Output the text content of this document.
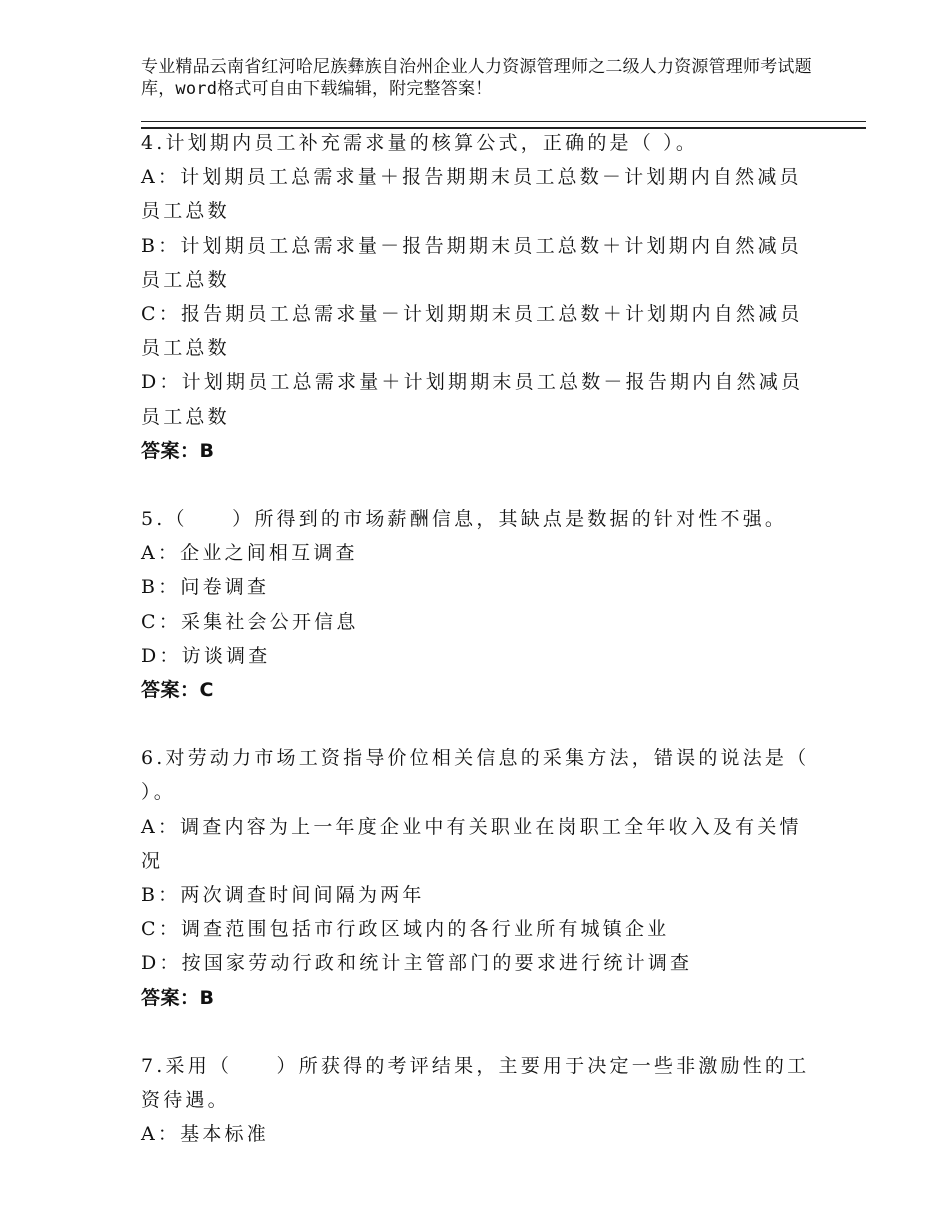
专业精品云南省红河哈尼族彝族自治州企业人力资源管理师之二级人力资源管理师考试题库，word格式可自由下载编辑，附完整答案！
4.计划期内员工补充需求量的核算公式，正确的是（ ）。
A：计划期员工总需求量＋报告期期末员工总数－计划期内自然减员员工总数
B：计划期员工总需求量－报告期期末员工总数＋计划期内自然减员员工总数
C：报告期员工总需求量－计划期期末员工总数＋计划期内自然减员员工总数
D：计划期员工总需求量＋计划期期末员工总数－报告期内自然减员员工总数
答案：B
5.（　　）所得到的市场薪酬信息，其缺点是数据的针对性不强。
A：企业之间相互调查
B：问卷调查
C：采集社会公开信息
D：访谈调查
答案：C
6.对劳动力市场工资指导价位相关信息的采集方法，错误的说法是（ ）。
A：调查内容为上一年度企业中有关职业在岗职工全年收入及有关情况
B：两次调查时间间隔为两年
C：调查范围包括市行政区域内的各行业所有城镇企业
D：按国家劳动行政和统计主管部门的要求进行统计调查
答案：B
7.采用（　　）所获得的考评结果，主要用于决定一些非激励性的工资待遇。
A：基本标准
